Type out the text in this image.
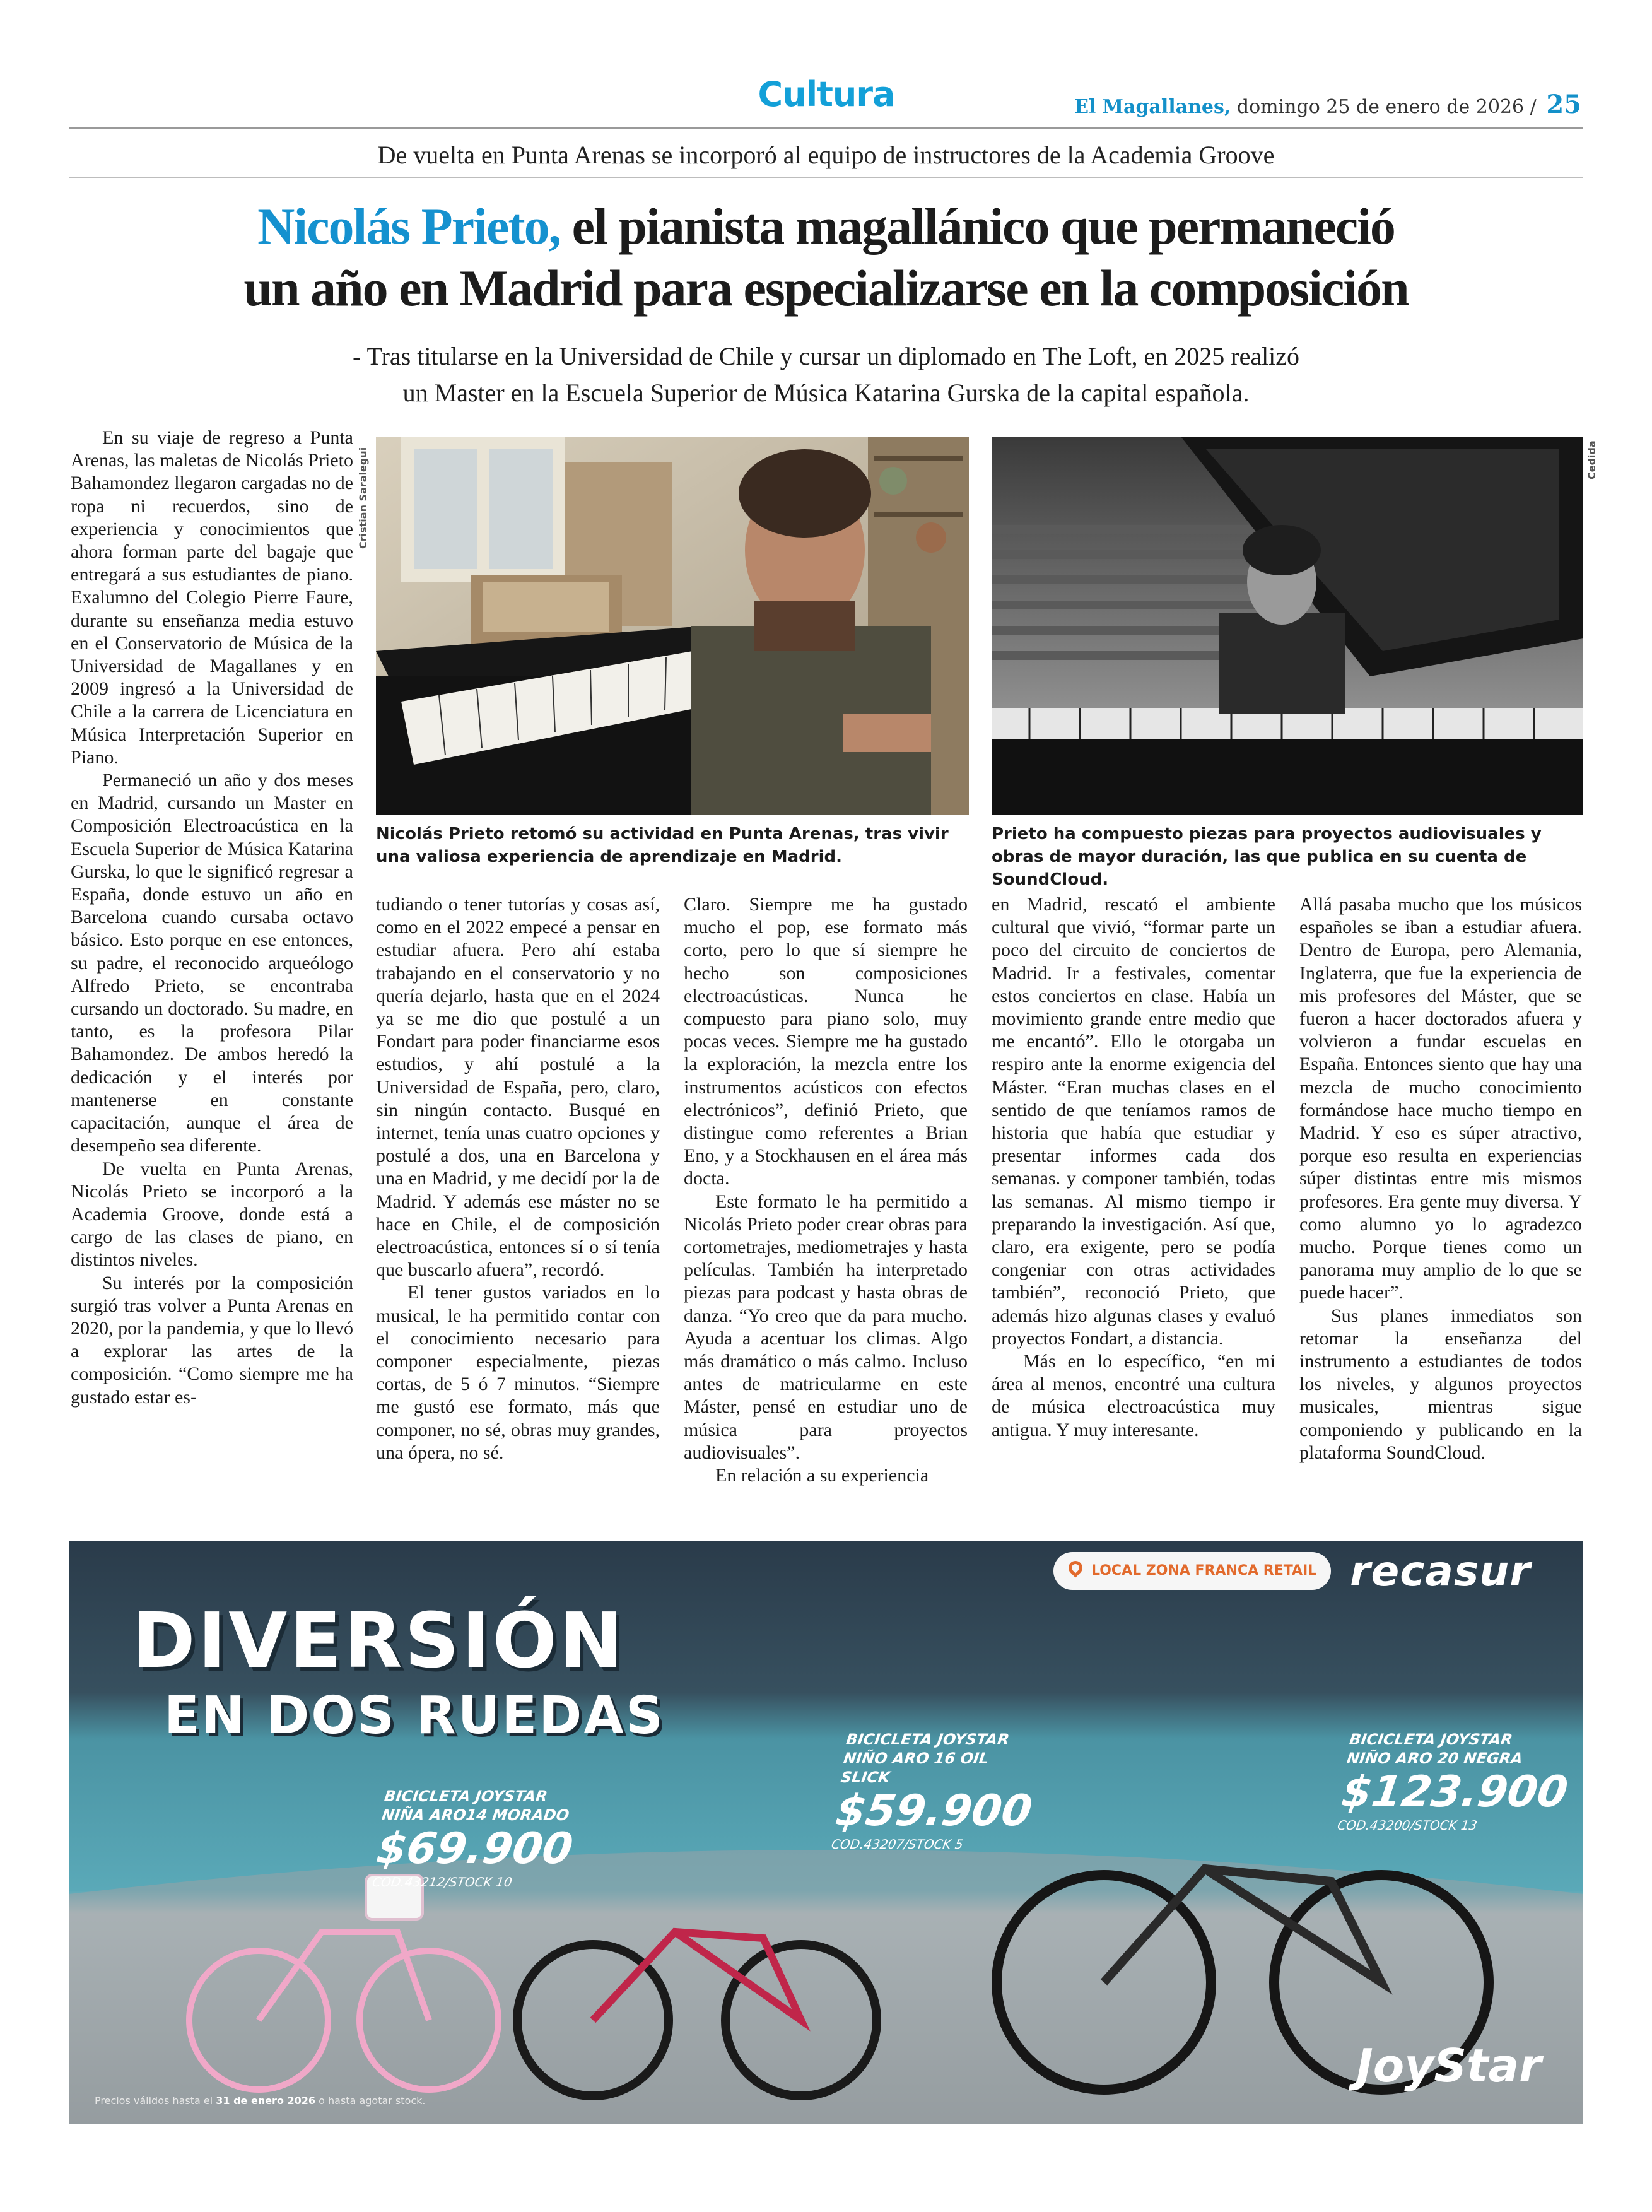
Cultura	El Magallanes, domingo 25 de enero de 2026 / 25
De vuelta en Punta Arenas se incorporó al equipo de instructores de la Academia Groove
Nicolás Prieto, el pianista magallánico que permaneció
un año en Madrid para especializarse en la composición
- Tras titularse en la Universidad de Chile y cursar un diplomado en The Loft, en 2025 realizó
un Master en la Escuela Superior de Música Katarina Gurska de la capital española.

En su viaje de regreso a Punta Arenas, las maletas de Nicolás Prieto Bahamondez llegaron cargadas no de ropa ni recuerdos, sino de experiencia y conocimientos que ahora forman parte del bagaje que entregará a sus estudiantes de piano. Exalumno del Colegio Pierre Faure, durante su enseñanza media estuvo en el Conservatorio de Música de la Universidad de Magallanes y en 2009 ingresó a la Universidad de Chile a la carrera de Licenciatura en Música Interpretación Superior en Piano.

Permaneció un año y dos meses en Madrid, cursando un Master en Composición Electroacústica en la Escuela Superior de Música Katarina Gurska, lo que le significó regresar a España, donde estuvo un año en Barcelona cuando cursaba octavo básico. Esto porque en ese entonces, su padre, el reconocido arqueólogo Alfredo Prieto, se encontraba cursando un doctorado. Su madre, en tanto, es la profesora Pilar Bahamondez. De ambos heredó la dedicación y el interés por mantenerse en constante capacitación, aunque el área de desempeño sea diferente.

De vuelta en Punta Arenas, Nicolás Prieto se incorporó a la Academia Groove, donde está a cargo de las clases de piano, en distintos niveles.

Su interés por la composición surgió tras volver a Punta Arenas en 2020, por la pandemia, y que lo llevó a explorar las artes de la composición. “Como siempre me ha gustado estar es-

tudiando o tener tutorías y cosas así, como en el 2022 empecé a pensar en estudiar afuera. Pero ahí estaba trabajando en el conservatorio y no quería dejarlo, hasta que en el 2024 ya se me dio que postulé a un Fondart para poder financiarme esos estudios, y ahí postulé a la Universidad de España, pero, claro, sin ningún contacto. Busqué en internet, tenía unas cuatro opciones y postulé a dos, una en Barcelona y una en Madrid, y me decidí por la de Madrid. Y además ese máster no se hace en Chile, el de composición electroacústica, entonces sí o sí tenía que buscarlo afuera”, recordó.

El tener gustos variados en lo musical, le ha permitido contar con el conocimiento necesario para componer especialmente, piezas cortas, de 5 ó 7 minutos. “Siempre me gustó ese formato, más que componer, no sé, obras muy grandes, una ópera, no sé.

Claro. Siempre me ha gustado mucho el pop, ese formato más corto, pero lo que sí siempre he hecho son composiciones electroacústicas. Nunca he compuesto para piano solo, muy pocas veces. Siempre me ha gustado la exploración, la mezcla entre los instrumentos acústicos con efectos electrónicos”, definió Prieto, que distingue como referentes a Brian Eno, y a Stockhausen en el área más docta.

Este formato le ha permitido a Nicolás Prieto poder crear obras para cortometrajes, mediometrajes y hasta películas. También ha interpretado piezas para podcast y hasta obras de danza. “Yo creo que da para mucho. Ayuda a acentuar los climas. Algo más dramático o más calmo. Incluso antes de matricularme en este Máster, pensé en estudiar uno de música para proyectos audiovisuales”.

En relación a su experiencia

en Madrid, rescató el ambiente cultural que vivió, “formar parte un poco del circuito de conciertos de Madrid. Ir a festivales, comentar estos conciertos en clase. Había un movimiento grande entre medio que me encantó”. Ello le otorgaba un respiro ante la enorme exigencia del Máster. “Eran muchas clases en el sentido de que teníamos ramos de historia que había que estudiar y presentar informes cada dos semanas. y componer también, todas las semanas. Al mismo tiempo ir preparando la investigación. Así que, claro, era exigente, pero se podía congeniar con otras actividades también”, reconoció Prieto, que además hizo algunas clases y evaluó proyectos Fondart, a distancia.

Más en lo específico, “en mi área al menos, encontré una cultura de música electroacústica muy antigua. Y muy interesante.

Allá pasaba mucho que los músicos españoles se iban a estudiar afuera. Dentro de Europa, pero Alemania, Inglaterra, que fue la experiencia de mis profesores del Máster, que se fueron a hacer doctorados afuera y volvieron a fundar escuelas en España. Entonces siento que hay una mezcla de mucho conocimiento formándose hace mucho tiempo en Madrid. Y eso es súper atractivo, porque eso resulta en experiencias súper distintas entre mis mismos profesores. Era gente muy diversa. Y como alumno yo lo agradezco mucho. Porque tienes como un panorama muy amplio de lo que se puede hacer”.

Sus planes inmediatos son retomar la enseñanza del instrumento a estudiantes de todos los niveles, y algunos proyectos musicales, mientras sigue componiendo y publicando en la plataforma SoundCloud.

Cristian Saralegui
Nicolás Prieto retomó su actividad en Punta Arenas, tras vivir una valiosa experiencia de aprendizaje en Madrid.
Cedida
Prieto ha compuesto piezas para proyectos audiovisuales y obras de mayor duración, las que publica en su cuenta de SoundCloud.
DIVERSIÓN
EN DOS RUEDAS
LOCAL ZONA FRANCA RETAIL recasur
BICICLETA JOYSTAR NIÑA ARO14 MORADO
$69.900
COD.43212/STOCK 10
BICICLETA JOYSTAR NIÑO ARO 16 OIL SLICK
$59.900
COD.43207/STOCK 5
BICICLETA JOYSTAR NIÑO ARO 20 NEGRA
$123.900
COD.43200/STOCK 13
JoyStar
Precios válidos hasta el 31 de enero 2026 o hasta agotar stock.
